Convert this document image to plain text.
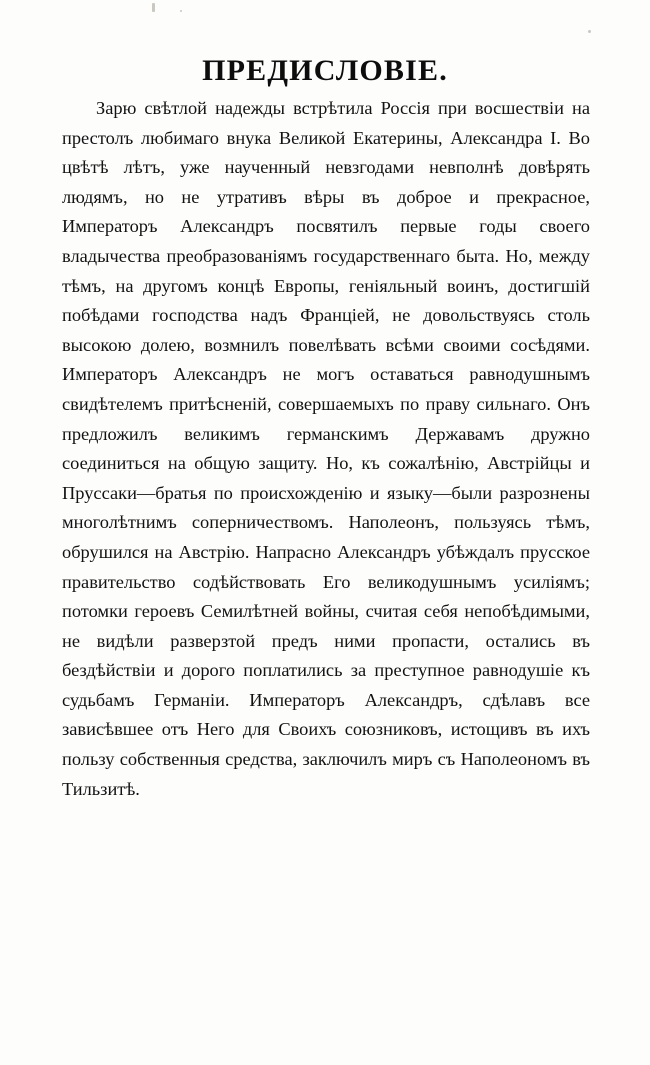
ПРЕДИСЛОВІЕ.

Зарю свѣтлой надежды встрѣтила Россія при восшествіи на престолъ любимаго внука Великой Екатерины, Александра I. Во цвѣтѣ лѣтъ, уже наученный невзгодами невполнѣ довѣрять людямъ, но не утративъ вѣры въ доброе и прекрасное, Императоръ Александръ посвятилъ первые годы своего владычества преобразованіямъ государственнаго быта. Но, между тѣмъ, на другомъ концѣ Европы, геніяльный воинъ, достигшій побѣдами господства надъ Франціей, не довольствуясь столь высокою долею, возмнилъ повелѣвать всѣми своими сосѣдями. Императоръ Александръ не могъ оставаться равнодушнымъ свидѣтелемъ притѣсненій, совершаемыхъ по праву сильнаго. Онъ предложилъ великимъ германскимъ Державамъ дружно соединиться на общую защиту. Но, къ сожалѣнію, Австрійцы и Пруссаки—братья по происхожденію и языку—были разрознены многолѣтнимъ соперничествомъ. Наполеонъ, пользуясь тѣмъ, обрушился на Австрію. Напрасно Александръ убѣждалъ прусское правительство содѣйствовать Его великодушнымъ усиліямъ; потомки героевъ Семилѣтней войны, считая себя непобѣдимыми, не видѣли разверзтой предъ ними пропасти, остались въ бездѣйствіи и дорого поплатились за преступное равнодушіе къ судьбамъ Германіи. Императоръ Александръ, сдѣлавъ все зависѣвшее отъ Него для Своихъ союзниковъ, истощивъ въ ихъ пользу собственныя средства, заключилъ миръ съ Наполеономъ въ Тильзитѣ.
